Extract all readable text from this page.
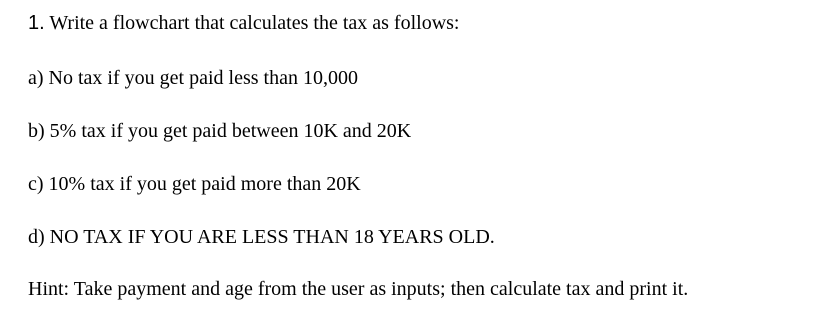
1. Write a flowchart that calculates the tax as follows:
a) No tax if you get paid less than 10,000
b) 5% tax if you get paid between 10K and 20K
c) 10% tax if you get paid more than 20K
d) NO TAX IF YOU ARE LESS THAN 18 YEARS OLD.
Hint: Take payment and age from the user as inputs; then calculate tax and print it.
